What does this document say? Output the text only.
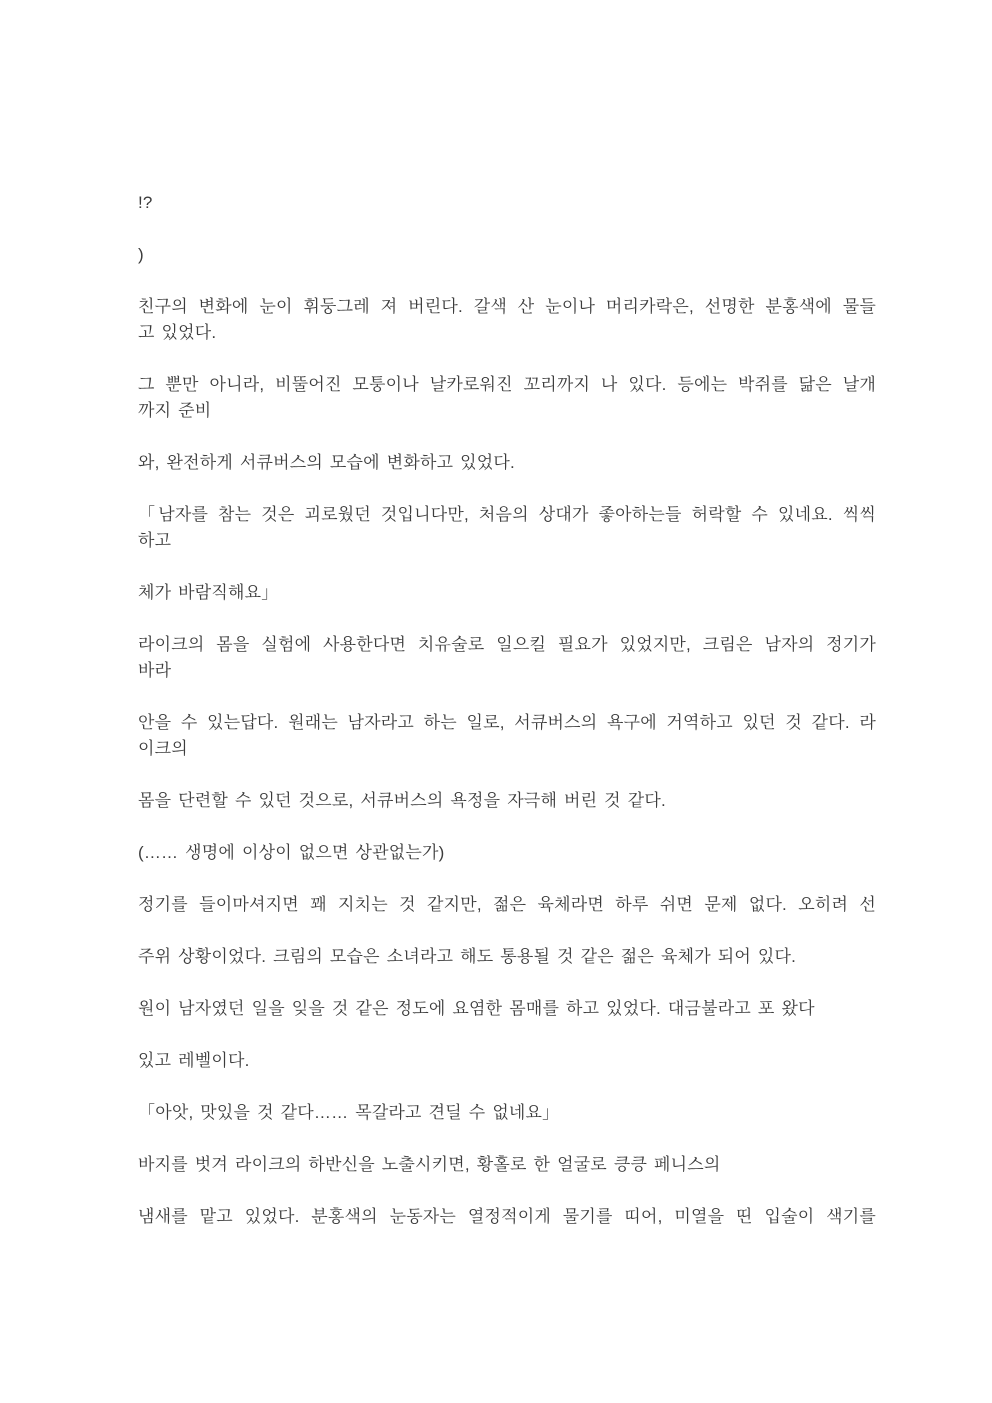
!?
)
친구의 변화에 눈이 휘둥그레 져 버린다. 갈색 산 눈이나 머리카락은, 선명한 분홍색에 물들
고 있었다.
그 뿐만 아니라, 비뚤어진 모퉁이나 날카로워진 꼬리까지 나 있다. 등에는 박쥐를 닮은 날개
까지 준비
와, 완전하게 서큐버스의 모습에 변화하고 있었다.
「남자를 참는 것은 괴로웠던 것입니다만, 처음의 상대가 좋아하는들 허락할 수 있네요. 씩씩
하고
체가 바람직해요」
라이크의 몸을 실험에 사용한다면 치유술로 일으킬 필요가 있었지만, 크림은 남자의 정기가
바라
안을 수 있는답다. 원래는 남자라고 하는 일로, 서큐버스의 욕구에 거역하고 있던 것 같다. 라
이크의
몸을 단련할 수 있던 것으로, 서큐버스의 욕정을 자극해 버린 것 같다.
(…… 생명에 이상이 없으면 상관없는가)
정기를 들이마셔지면 꽤 지치는 것 같지만, 젊은 육체라면 하루 쉬면 문제 없다. 오히려 선
주위 상황이었다. 크림의 모습은 소녀라고 해도 통용될 것 같은 젊은 육체가 되어 있다.
원이 남자였던 일을 잊을 것 같은 정도에 요염한 몸매를 하고 있었다. 대금불라고 포 왔다
있고 레벨이다.
「아앗, 맛있을 것 같다…… 목갈라고 견딜 수 없네요」
바지를 벗겨 라이크의 하반신을 노출시키면, 황홀로 한 얼굴로 킁킁 페니스의
냄새를 맡고 있었다. 분홍색의 눈동자는 열정적이게 물기를 띠어, 미열을 띤 입술이 색기를
